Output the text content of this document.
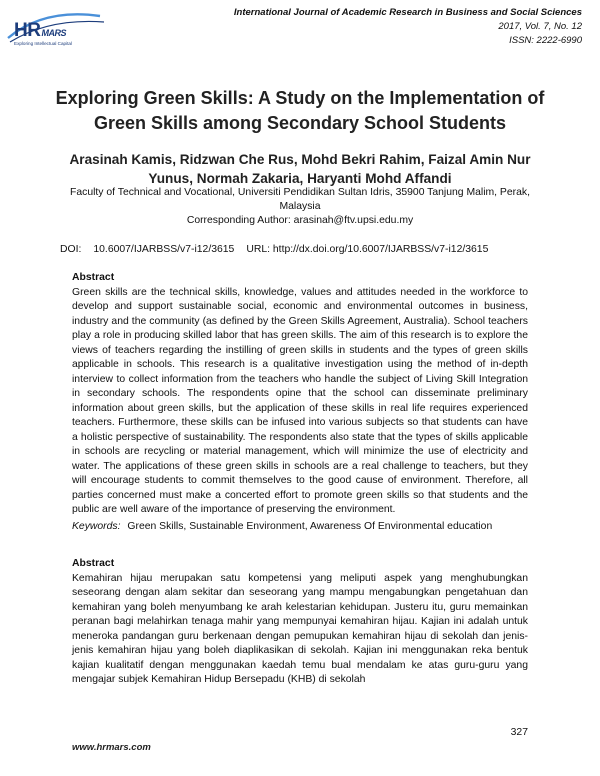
HRMARS
Exploring Intellectual Capital
International Journal of Academic Research in Business and Social Sciences
2017, Vol. 7, No. 12
ISSN: 2222-6990
Exploring Green Skills: A Study on the Implementation of Green Skills among Secondary School Students
Arasinah Kamis, Ridzwan Che Rus, Mohd Bekri Rahim, Faizal Amin Nur Yunus, Normah Zakaria, Haryanti Mohd Affandi
Faculty of Technical and Vocational, Universiti Pendidikan Sultan Idris, 35900 Tanjung Malim, Perak, Malaysia
Corresponding Author: arasinah@ftv.upsi.edu.my
DOI: 10.6007/IJARBSS/v7-i12/3615 URL: http://dx.doi.org/10.6007/IJARBSS/v7-i12/3615
Abstract
Green skills are the technical skills, knowledge, values and attitudes needed in the workforce to develop and support sustainable social, economic and environmental outcomes in business, industry and the community (as defined by the Green Skills Agreement, Australia). School teachers play a role in producing skilled labor that has green skills. The aim of this research is to explore the views of teachers regarding the instilling of green skills in students and the types of green skills applicable in schools. This research is a qualitative investigation using the method of in-depth interview to collect information from the teachers who handle the subject of Living Skill Integration in secondary schools. The respondents opine that the school can disseminate preliminary information about green skills, but the application of these skills in real life requires experienced teachers. Furthermore, these skills can be infused into various subjects so that students can have a holistic perspective of sustainability. The respondents also state that the types of skills applicable in schools are recycling or material management, which will minimize the use of electricity and water. The applications of these green skills in schools are a real challenge to teachers, but they will encourage students to commit themselves to the good cause of environment. Therefore, all parties concerned must make a concerted effort to promote green skills so that students and the public are well aware of the importance of preserving the environment.
Keywords: Green Skills, Sustainable Environment, Awareness Of Environmental education
Abstract
Kemahiran hijau merupakan satu kompetensi yang meliputi aspek yang menghubungkan seseorang dengan alam sekitar dan seseorang yang mampu mengabungkan pengetahuan dan kemahiran yang boleh menyumbang ke arah kelestarian kehidupan. Justeru itu, guru memainkan peranan bagi melahirkan tenaga mahir yang mempunyai kemahiran hijau. Kajian ini adalah untuk meneroka pandangan guru berkenaan dengan pemupukan kemahiran hijau di sekolah dan jenis-jenis kemahiran hijau yang boleh diaplikasikan di sekolah. Kajian ini menggunakan reka bentuk kajian kualitatif dengan menggunakan kaedah temu bual mendalam ke atas guru-guru yang mengajar subjek Kemahiran Hidup Bersepadu (KHB) di sekolah
327
www.hrmars.com
